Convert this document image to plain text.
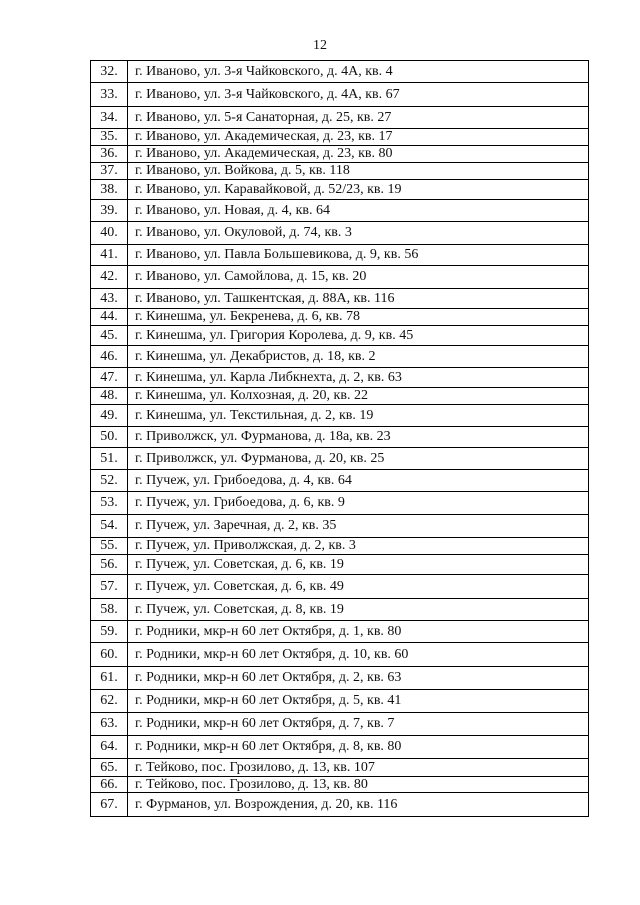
12
32.	г. Иваново, ул. 3-я Чайковского, д. 4А, кв. 4
33.	г. Иваново, ул. 3-я Чайковского, д. 4А, кв. 67
34.	г. Иваново, ул. 5-я Санаторная, д. 25, кв. 27
35.	г. Иваново, ул. Академическая, д. 23, кв. 17
36.	г. Иваново, ул. Академическая, д. 23, кв. 80
37.	г. Иваново, ул. Войкова, д. 5, кв. 118
38.	г. Иваново, ул. Каравайковой, д. 52/23, кв. 19
39.	г. Иваново, ул. Новая, д. 4, кв. 64
40.	г. Иваново, ул. Окуловой, д. 74, кв. 3
41.	г. Иваново, ул. Павла Большевикова, д. 9, кв. 56
42.	г. Иваново, ул. Самойлова, д. 15, кв. 20
43.	г. Иваново, ул. Ташкентская, д. 88А, кв. 116
44.	г. Кинешма, ул. Бекренева, д. 6, кв. 78
45.	г. Кинешма, ул. Григория Королева, д. 9, кв. 45
46.	г. Кинешма, ул. Декабристов, д. 18, кв. 2
47.	г. Кинешма, ул. Карла Либкнехта, д. 2, кв. 63
48.	г. Кинешма, ул. Колхозная, д. 20, кв. 22
49.	г. Кинешма, ул. Текстильная, д. 2, кв. 19
50.	г. Приволжск, ул. Фурманова, д. 18а, кв. 23
51.	г. Приволжск, ул. Фурманова, д. 20, кв. 25
52.	г. Пучеж, ул. Грибоедова, д. 4, кв. 64
53.	г. Пучеж, ул. Грибоедова, д. 6, кв. 9
54.	г. Пучеж, ул. Заречная, д. 2, кв. 35
55.	г. Пучеж, ул. Приволжская, д. 2, кв. 3
56.	г. Пучеж, ул. Советская, д. 6, кв. 19
57.	г. Пучеж, ул. Советская, д. 6, кв. 49
58.	г. Пучеж, ул. Советская, д. 8, кв. 19
59.	г. Родники, мкр-н 60 лет Октября, д. 1, кв. 80
60.	г. Родники, мкр-н 60 лет Октября, д. 10, кв. 60
61.	г. Родники, мкр-н 60 лет Октября, д. 2, кв. 63
62.	г. Родники, мкр-н 60 лет Октября, д. 5, кв. 41
63.	г. Родники, мкр-н 60 лет Октября, д. 7, кв. 7
64.	г. Родники, мкр-н 60 лет Октября, д. 8, кв. 80
65.	г. Тейково, пос. Грозилово, д. 13, кв. 107
66.	г. Тейково, пос. Грозилово, д. 13, кв. 80
67.	г. Фурманов, ул. Возрождения, д. 20, кв. 116
